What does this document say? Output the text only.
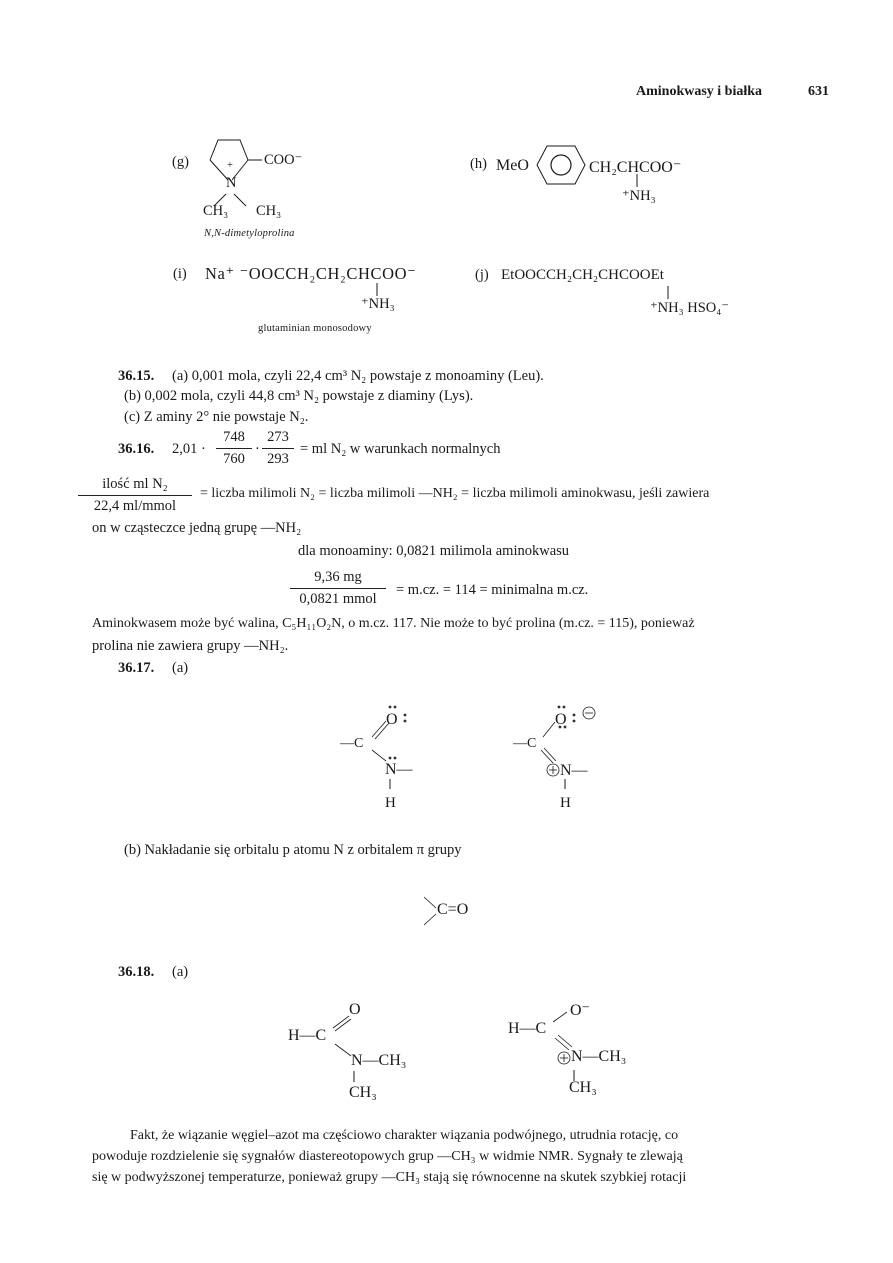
Aminokwasy i białka	631
(g)	+
N
COO⁻
CH₃ CH₃
N,N-dimetyloprolina
(h) MeO	CH₂CHCOO⁻
⁺NH₃
(i) Na⁺ ⁻OOCCH₂CH₂CHCOO⁻
⁺NH₃
glutaminian monosodowy
(j) EtOOCCH₂CH₂CHCOOEt
⁺NH₃ HSO₄⁻
36.15. (a) 0,001 mola, czyli 22,4 cm³ N₂ powstaje z monoaminy (Leu).
(b) 0,002 mola, czyli 44,8 cm³ N₂ powstaje z diaminy (Lys).
(c) Z aminy 2° nie powstaje N₂.
36.16. 2,01 ·
748
760
·
273
293
= ml N₂ w warunkach normalnych
ilość ml N₂
22,4 ml/mmol
= liczba milimoli N₂ = liczba milimoli —NH₂ = liczba milimoli aminokwasu, jeśli zawiera
on w cząsteczce jedną grupę —NH₂
dla monoaminy: 0,0821 milimola aminokwasu
9,36 mg
0,0821 mmol
= m.cz. = 114 = minimalna m.cz.
Aminokwasem może być walina, C₅H₁₁O₂N, o m.cz. 117. Nie może to być prolina (m.cz. = 115), ponieważ
prolina nie zawiera grupy —NH₂.
36.17. (a)
O
—C
N—
H
O
—C
N—
H
(b) Nakładanie się orbitalu p atomu N z orbitalem π grupy
C=O
36.18. (a)
H—C
O
N—CH₃
CH₃
H—C
O⁻
N—CH₃
CH₃
Fakt, że wiązanie węgiel–azot ma częściowo charakter wiązania podwójnego, utrudnia rotację, co
powoduje rozdzielenie się sygnałów diastereotopowych grup —CH₃ w widmie NMR. Sygnały te zlewają
się w podwyższonej temperaturze, ponieważ grupy —CH₃ stają się równocenne na skutek szybkiej rotacji
